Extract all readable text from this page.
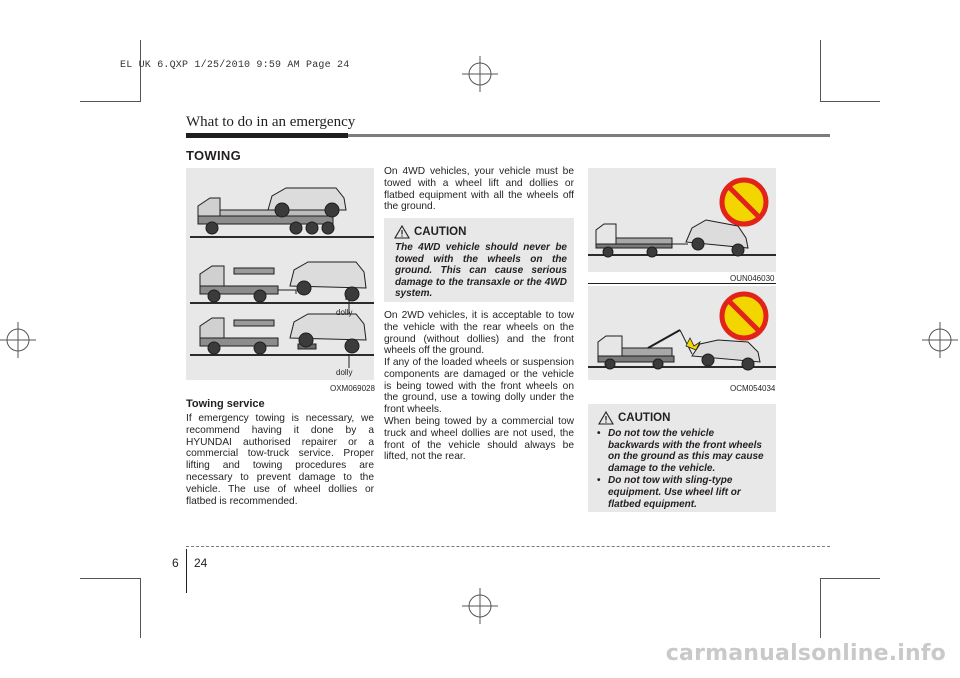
EL UK 6.QXP 1/25/2010 9:59 AM Page 24
What to do in an emergency
TOWING
dolly
dolly
OXM069028
Towing service
If emergency towing is necessary, we recommend having it done by a HYUNDAI authorised repairer or a commercial tow-truck service. Proper lifting and towing procedures are necessary to prevent damage to the vehicle. The use of wheel dollies or flatbed is recommended.
On 4WD vehicles, your vehicle must be towed with a wheel lift and dollies or flatbed equipment with all the wheels off the ground.
CAUTION
The 4WD vehicle should never be towed with the wheels on the ground. This can cause serious damage to the transaxle or the 4WD system.
On 2WD vehicles, it is acceptable to tow the vehicle with the rear wheels on the ground (without dollies) and the front wheels off the ground.
If any of the loaded wheels or suspension components are damaged or the vehicle is being towed with the front wheels on the ground, use a towing dolly under the front wheels.
When being towed by a commercial tow truck and wheel dollies are not used, the front of the vehicle should always be lifted, not the rear.
OUN046030
OCM054034
CAUTION
• Do not tow the vehicle backwards with the front wheels on the ground as this may cause damage to the vehicle.
• Do not tow with sling-type equipment. Use wheel lift or flatbed equipment.
6 24
carmanualsonline.info
